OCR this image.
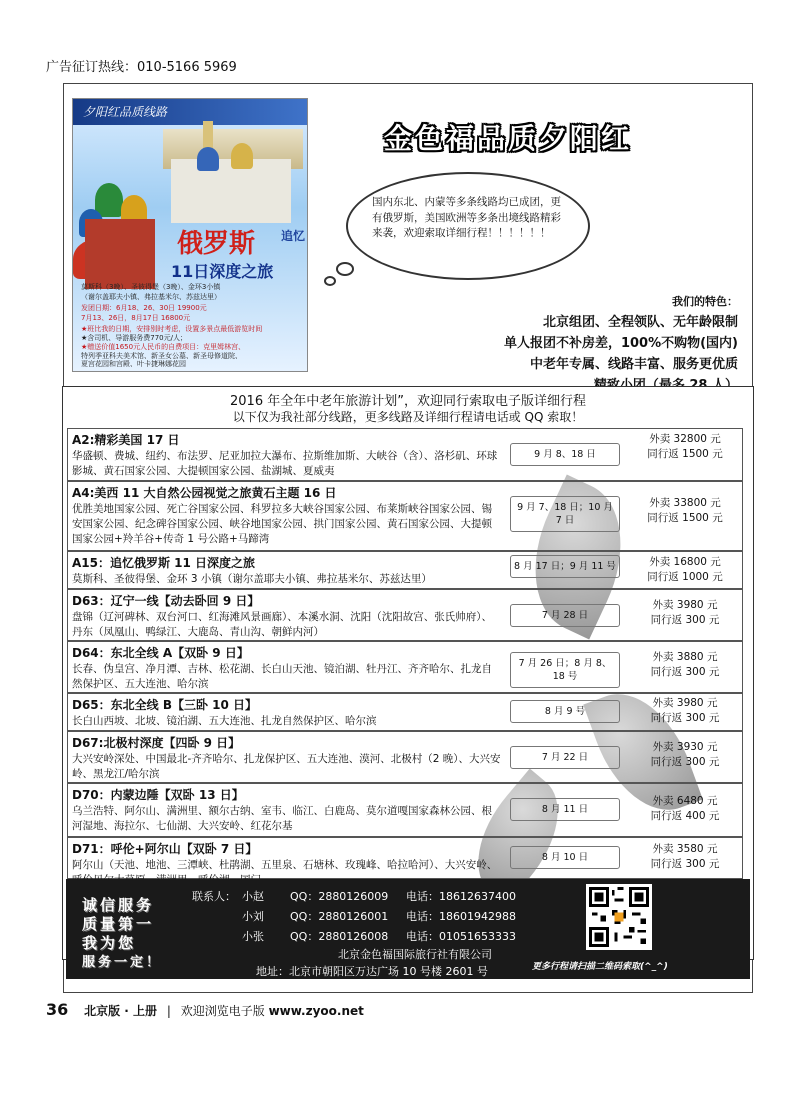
广告征订热线：010-5166 5969
夕阳红品质线路
俄罗斯 追忆
11日深度之旅
莫斯科（3晚）、圣彼得堡（3晚）、金环3小镇
（谢尔盖耶夫小镇、弗拉基米尔、苏兹达里）
发团日期：6月18、26、30日 19900元
7月13、26日，8月17日 16800元
★班比我的日期，安排别时考虑，设置多景点最低游览时间
★含司机、导游服务费770元/人；
★赠送价值1650元人民币的自费项目：克里姆林宫、
特列季亚科夫美术馆、新圣女公墓、新圣母修道院、
夏宫花园和宫殿、叶卡捷琳娜花园
金色福品质夕阳红
国内东北、内蒙等多条线路均已成团，更有俄罗斯，美国欧洲等多条出境线路精彩来袭，欢迎索取详细行程！！！！！！
我们的特色：
北京组团、全程领队、无年龄限制
单人报团不补房差，100%不购物(国内)
中老年专属、线路丰富、服务更优质
2016 年全年中老年旅游计划”，欢迎同行索取电子版详细行程
以下仅为我社部分线路，更多线路及详细行程请电话或 QQ 索取！
A2:精彩美国 17 日
华盛顿、费城、纽约、布法罗、尼亚加拉大瀑布、拉斯维加斯、大峡谷（含）、洛杉矶、环球影城、黄石国家公园、大提顿国家公园、盐湖城、夏威夷
9 月 8、18 日
外卖 32800 元
同行返 1500 元
A4:美西 11 大自然公园视觉之旅黄石主题 16 日
优胜美地国家公园、死亡谷国家公园、科罗拉多大峡谷国家公园、布莱斯峡谷国家公园、锡安国家公园、纪念碑谷国家公园、峡谷地国家公园、拱门国家公园、黄石国家公园、大提顿国家公园+羚羊谷+传奇 1 号公路+马蹄湾
9 月 7、18 日；10 月 7 日
外卖 33800 元
同行返 1500 元
A15：追忆俄罗斯 11 日深度之旅
莫斯科、圣彼得堡、金环 3 小镇（谢尔盖耶夫小镇、弗拉基米尔、苏兹达里）
8 月 17 日；9 月 11 号	外卖 16800 元
同行返 1000 元
D63：辽宁一线【动去卧回 9 日】
盘锦（辽河碑林、双台河口、红海滩风景画廊）、本溪水洞、沈阳（沈阳故宫、张氏帅府）、丹东（凤凰山、鸭绿江、大鹿岛、青山沟、朝鲜内河）
7 月 28 日
外卖 3980 元
同行返 300 元
D64：东北全线 A【双卧 9 日】
长春、伪皇宫、净月潭、吉林、松花湖、长白山天池、镜泊湖、牡丹江、齐齐哈尔、扎龙自然保护区、五大连池、哈尔滨
7 月 26 日；8 月 8、18 号
外卖 3880 元
同行返 300 元
D65：东北全线 B【三卧 10 日】
长白山西坡、北坡、镜泊湖、五大连池、扎龙自然保护区、哈尔滨
8 月 9 号
外卖 3980 元
同行返 300 元
D67:北极村深度【四卧 9 日】
大兴安岭深处、中国最北-齐齐哈尔、扎龙保护区、五大连池、漠河、北极村（2 晚）、大兴安岭、黑龙江/哈尔滨
7 月 22 日
外卖 3930 元
同行返 300 元
D70：内蒙边陲【双卧 13 日】
乌兰浩特、阿尔山、满洲里、额尔古纳、室韦、临江、白鹿岛、莫尔道嘎国家森林公园、根河湿地、海拉尔、七仙湖、大兴安岭、红花尔基
8 月 11 日
外卖 6480 元
同行返 400 元
D71：呼伦+阿尔山【双卧 7 日】
阿尔山（天池、地池、三潭峡、杜鹃湖、五里泉、石塘林、玫瑰峰、哈拉哈河）、大兴安岭、
8 月 10 日
外卖 3580 元
同行返 300 元
诚信服务
质量第一
我为您
服务一定！
联系人： 小赵 QQ：2880126009 电话：18612637400
小刘 QQ：2880126001 电话：18601942988
小张 QQ：2880126008 电话：01051653333
北京金色福国际旅行社有限公司
地址：北京市朝阳区万达广场 10 号楼 2601 号	更多行程请扫描二维码索取(^_^)
36 北京版 · 上册 | 欢迎浏览电子版 www.zyoo.net
